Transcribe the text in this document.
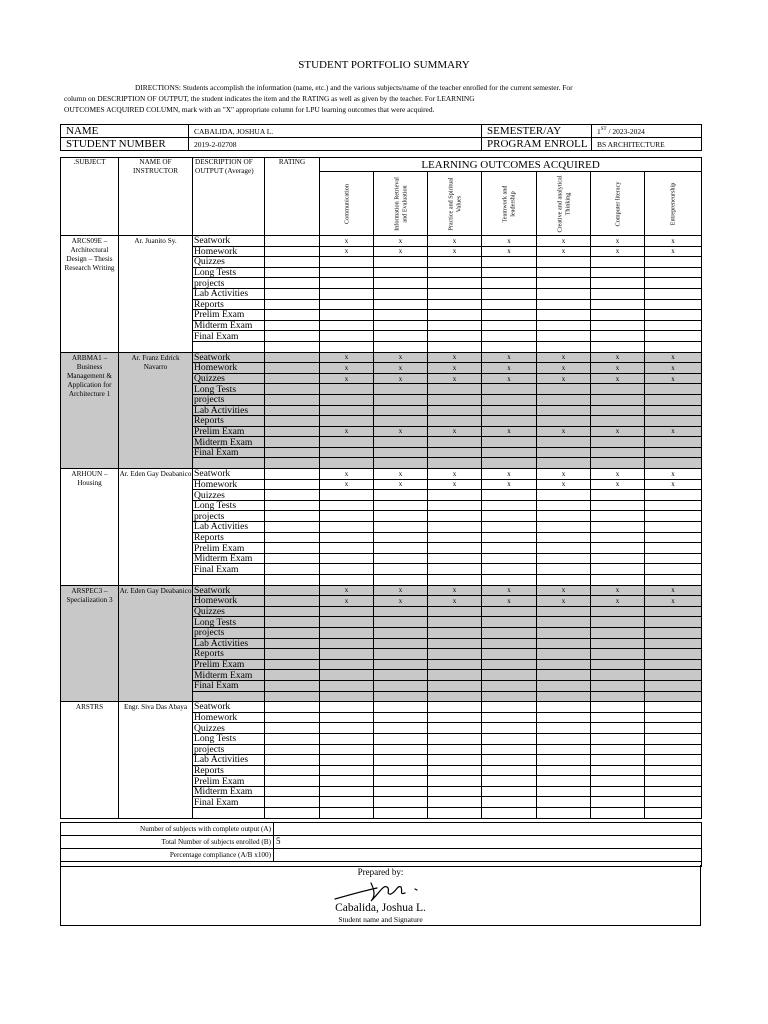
STUDENT PORTFOLIO SUMMARY

DIRECTIONS: Students accomplish the information (name, etc.) and the various subjects/name of the teacher enrolled for the current semester. For

column on DESCRIPTION OF OUTPUT, the student indicates the item and the RATING as well as given by the teacher. For LEARNING

OUTCOMES ACQUIRED COLUMN, mark with an "X" appropriate column for LPU learning outcomes that were acquired.

NAME	CABALIDA, JOSHUA L.	SEMESTER/AY	1ST / 2023-2024
STUDENT NUMBER	2019-2-02708	PROGRAM ENROLL	BS ARCHITECTURE
.SUBJECT	NAME OF INSTRUCTOR	DESCRIPTION OF OUTPUT (Average)	RATING	LEARNING OUTCOMES ACQUIRED						

				Communication	Information Retrieval and Evaluation	Practice and Spiritual Values	Teamwork and leadership	Creative and analytical Thinking	Computer literacy	Entrepreneurship

ARCS09E – Architectural Design – Thesis Research Writing	Ar. Juanito Sy.	Seatwork		x	x	x	x	x	x	x
		Homework		x	x	x	x	x	x	x
		Quizzes								
		Long Tests								
		projects								
		Lab Activities								
		Reports								
		Prelim Exam								
		Midterm Exam								
		Final Exam								

ARBMA1 – Business Management & Application for Architecture 1	Ar. Franz Edrick Navarro	Seatwork		x	x	x	x	x	x	x
		Homework		x	x	x	x	x	x	x
		Quizzes		x	x	x	x	x	x	x
		Long Tests								
		projects								
		Lab Activities								
		Reports								
		Prelim Exam		x	x	x	x	x	x	x
		Midterm Exam								
		Final Exam								

ARHOUN – Housing	Ar. Eden Gay Deabanico	Seatwork		x	x	x	x	x	x	x
		Homework		x	x	x	x	x	x	x
		Quizzes								
		Long Tests								
		projects								
		Lab Activities								
		Reports								
		Prelim Exam								
		Midterm Exam								
		Final Exam								

ARSPEC3 – Specialization 3	Ar. Eden Gay Deabanico	Seatwork		x	x	x	x	x	x	x
		Homework		x	x	x	x	x	x	x
		Quizzes								
		Long Tests								
		projects								
		Lab Activities								
		Reports								
		Prelim Exam								
		Midterm Exam								
		Final Exam								

ARSTRS	Engr. Siva Das Abaya	Seatwork								
		Homework								
		Quizzes								
		Long Tests								
		projects								
		Lab Activities								
		Reports								
		Prelim Exam								
		Midterm Exam								
		Final Exam								

Number of subjects with complete output (A)	
Total Number of subjects enrolled (B)	5
Percentage compliance (A/B x100)	

Prepared by:
Cabalida, Joshua L.
Student name and Signature
